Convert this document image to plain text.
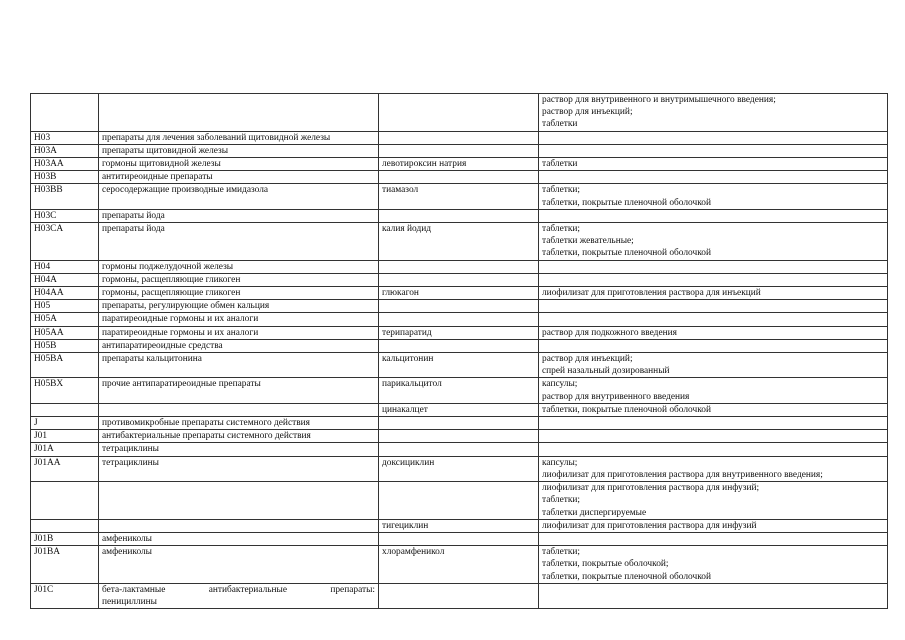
			раствор для внутривенного и внутримышечного введения;
раствор для инъекций;
таблетки

H03	препараты для лечения заболеваний щитовидной железы		

H03A	препараты щитовидной железы		

H03AA	гормоны щитовидной железы	левотироксин натрия	таблетки

H03B	антитиреоидные препараты		

H03BB	серосодержащие производные имидазола	тиамазол	таблетки;
таблетки, покрытые пленочной оболочкой

H03C	препараты йода		

H03CA	препараты йода	калия йодид	таблетки;
таблетки жевательные;
таблетки, покрытые пленочной оболочкой

H04	гормоны поджелудочной железы		

H04A	гормоны, расщепляющие гликоген		

H04AA	гормоны, расщепляющие гликоген	глюкагон	лиофилизат для приготовления раствора для инъекций

H05	препараты, регулирующие обмен кальция		

H05A	паратиреоидные гормоны и их аналоги		

H05AA	паратиреоидные гормоны и их аналоги	терипаратид	раствор для подкожного введения

H05B	антипаратиреоидные средства		

H05BA	препараты кальцитонина	кальцитонин	раствор для инъекций;
спрей назальный дозированный

H05BX	прочие антипаратиреоидные препараты	парикальцитол	капсулы;
раствор для внутривенного введения

	цинакалцет	таблетки, покрытые пленочной оболочкой

J	противомикробные препараты системного действия		

J01	антибактериальные препараты системного действия		

J01A	тетрациклины		

J01AA	тетрациклины	доксициклин	капсулы;
лиофилизат для приготовления раствора для внутривенного введения;

			лиофилизат для приготовления раствора для инфузий;
таблетки;
таблетки диспергируемые

	тигециклин	лиофилизат для приготовления раствора для инфузий

J01B	амфениколы		

J01BA	амфениколы	хлорамфеникол	таблетки;
таблетки, покрытые оболочкой;
таблетки, покрытые пленочной оболочкой

J01C	бета-лактамные антибактериальные препараты:
пенициллины		
